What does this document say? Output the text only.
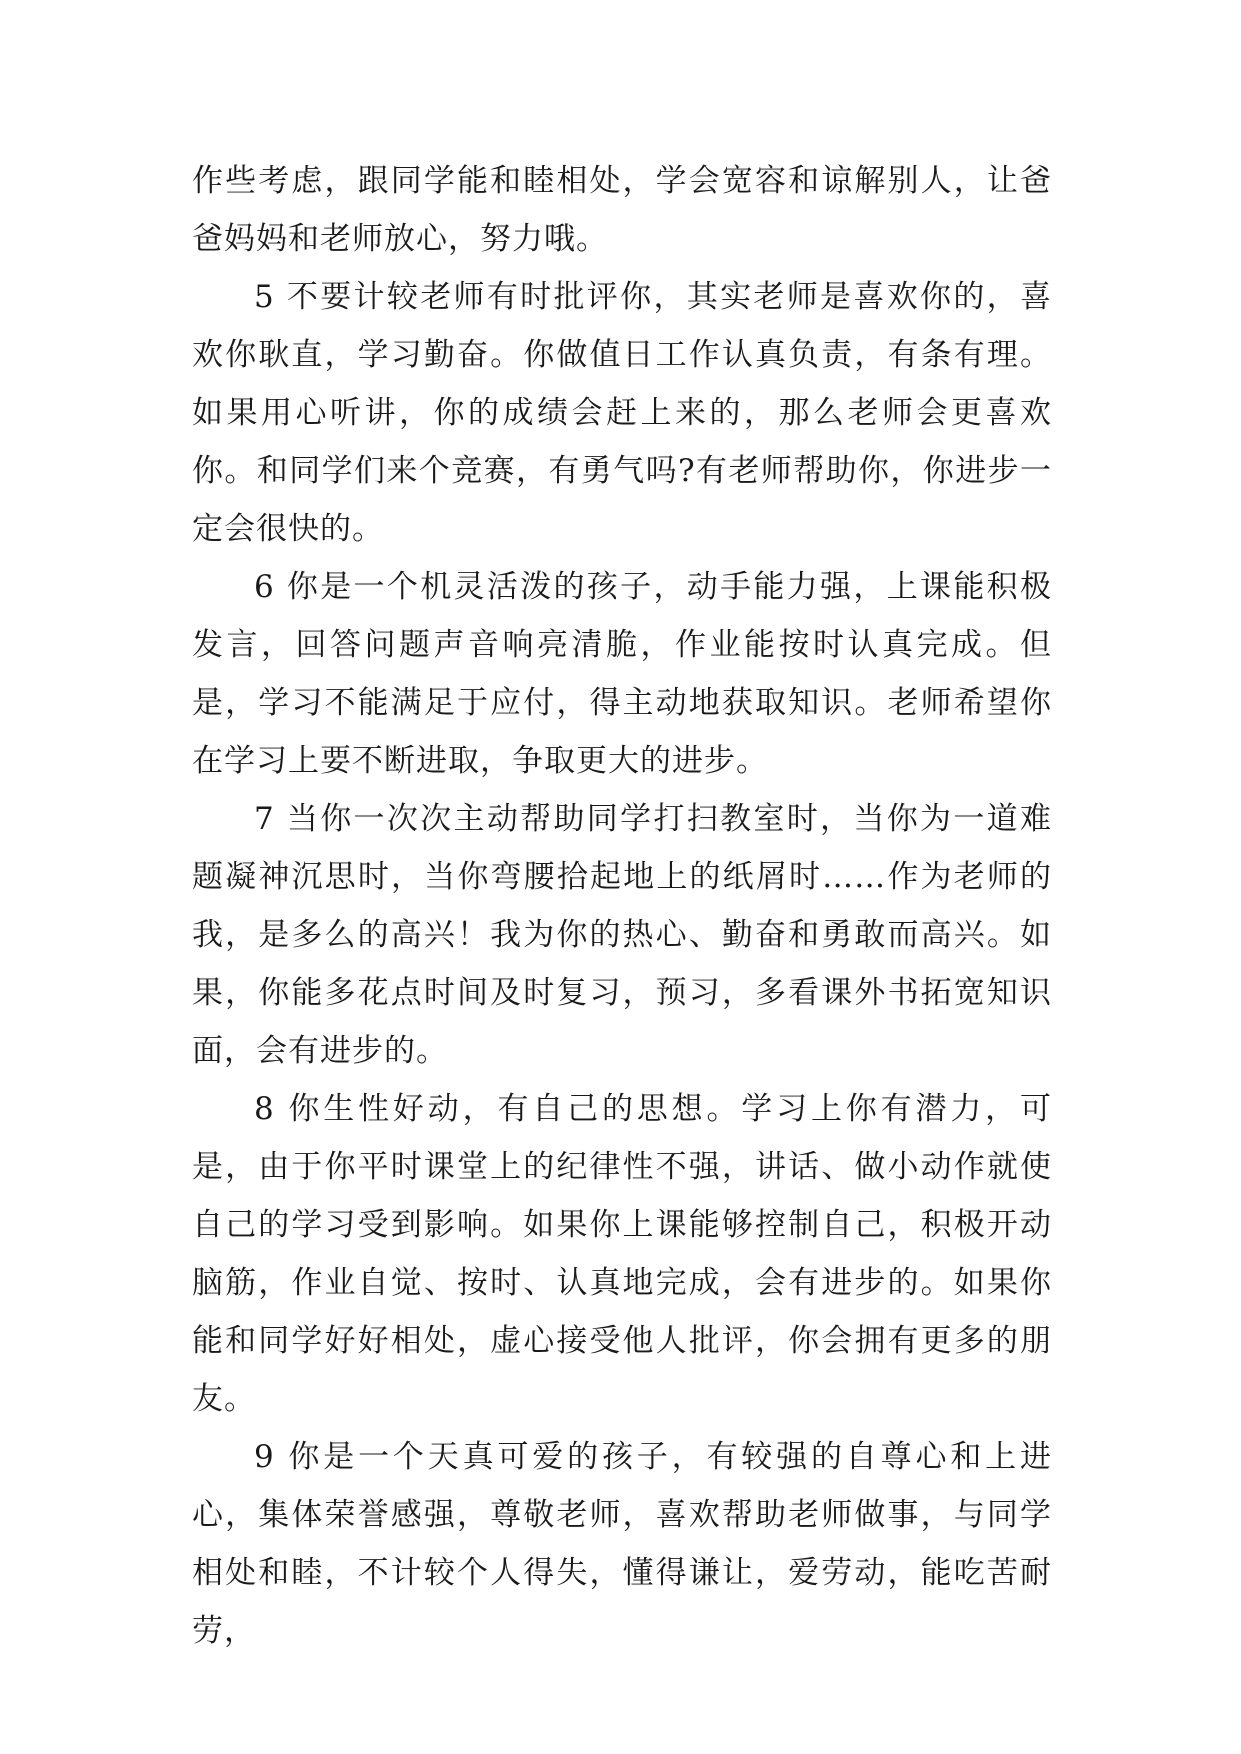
作些考虑，跟同学能和睦相处，学会宽容和谅解别人，让爸爸妈妈和老师放心，努力哦。

5 不要计较老师有时批评你，其实老师是喜欢你的，喜欢你耿直，学习勤奋。你做值日工作认真负责，有条有理。如果用心听讲，你的成绩会赶上来的，那么老师会更喜欢你。和同学们来个竞赛，有勇气吗?有老师帮助你，你进步一定会很快的。

6 你是一个机灵活泼的孩子，动手能力强，上课能积极发言，回答问题声音响亮清脆，作业能按时认真完成。但是，学习不能满足于应付，得主动地获取知识。老师希望你在学习上要不断进取，争取更大的进步。

7 当你一次次主动帮助同学打扫教室时，当你为一道难题凝神沉思时，当你弯腰拾起地上的纸屑时……作为老师的我，是多么的高兴！我为你的热心、勤奋和勇敢而高兴。如果，你能多花点时间及时复习，预习，多看课外书拓宽知识面，会有进步的。

8 你生性好动，有自己的思想。学习上你有潜力，可是，由于你平时课堂上的纪律性不强，讲话、做小动作就使自己的学习受到影响。如果你上课能够控制自己，积极开动脑筋，作业自觉、按时、认真地完成，会有进步的。如果你能和同学好好相处，虚心接受他人批评，你会拥有更多的朋友。

9 你是一个天真可爱的孩子，有较强的自尊心和上进心，集体荣誉感强，尊敬老师，喜欢帮助老师做事，与同学相处和睦，不计较个人得失，懂得谦让，爱劳动，能吃苦耐劳，
